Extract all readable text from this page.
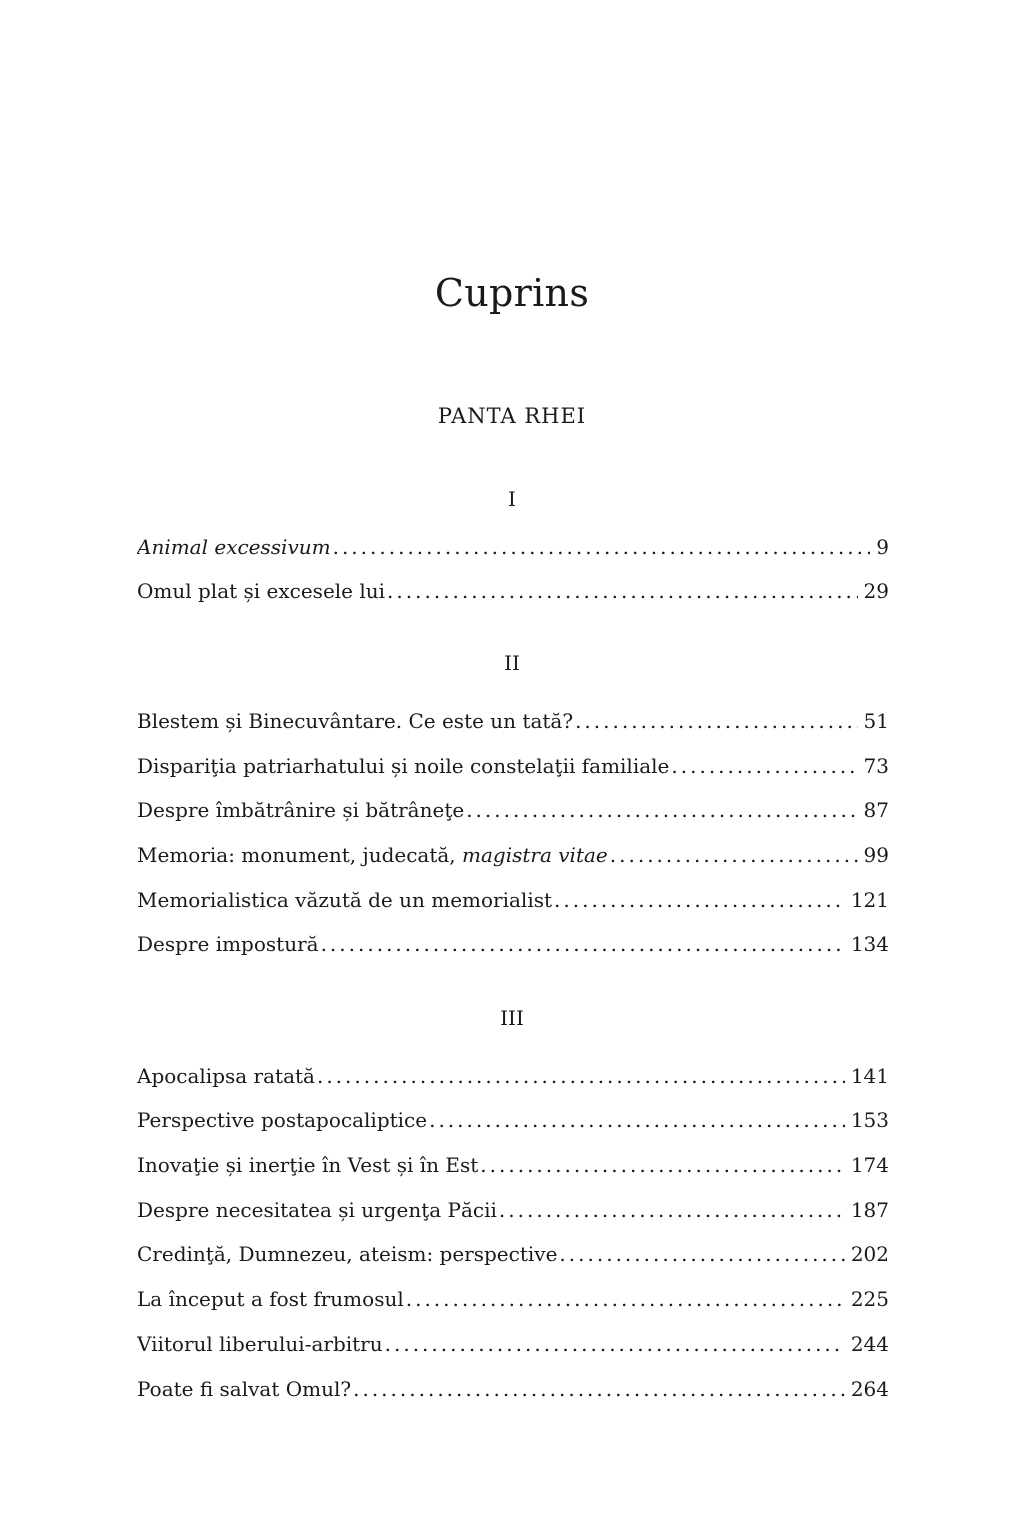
Cuprins
PANTA RHEI
I
Animal excessivum .....	9
Omul plat și excesele lui .....	29
II
Blestem și Binecuvântare. Ce este un tată? .....	51
Dispariţia patriarhatului și noile constelaţii familiale .....	73
Despre îmbătrânire și bătrâneţe .....	87
Memoria: monument, judecată, magistra vitae .....	99
Memorialistica văzută de un memorialist .....	121
Despre impostură .....	134
III
Apocalipsa ratată .....	141
Perspective postapocaliptice .....	153
Inovaţie și inerţie în Vest și în Est .....	174
Despre necesitatea și urgenţa Păcii .....	187
Credinţă, Dumnezeu, ateism: perspective .....	202
La început a fost frumosul .....	225
Viitorul liberului-arbitru .....	244
Poate fi salvat Omul? .....	264
